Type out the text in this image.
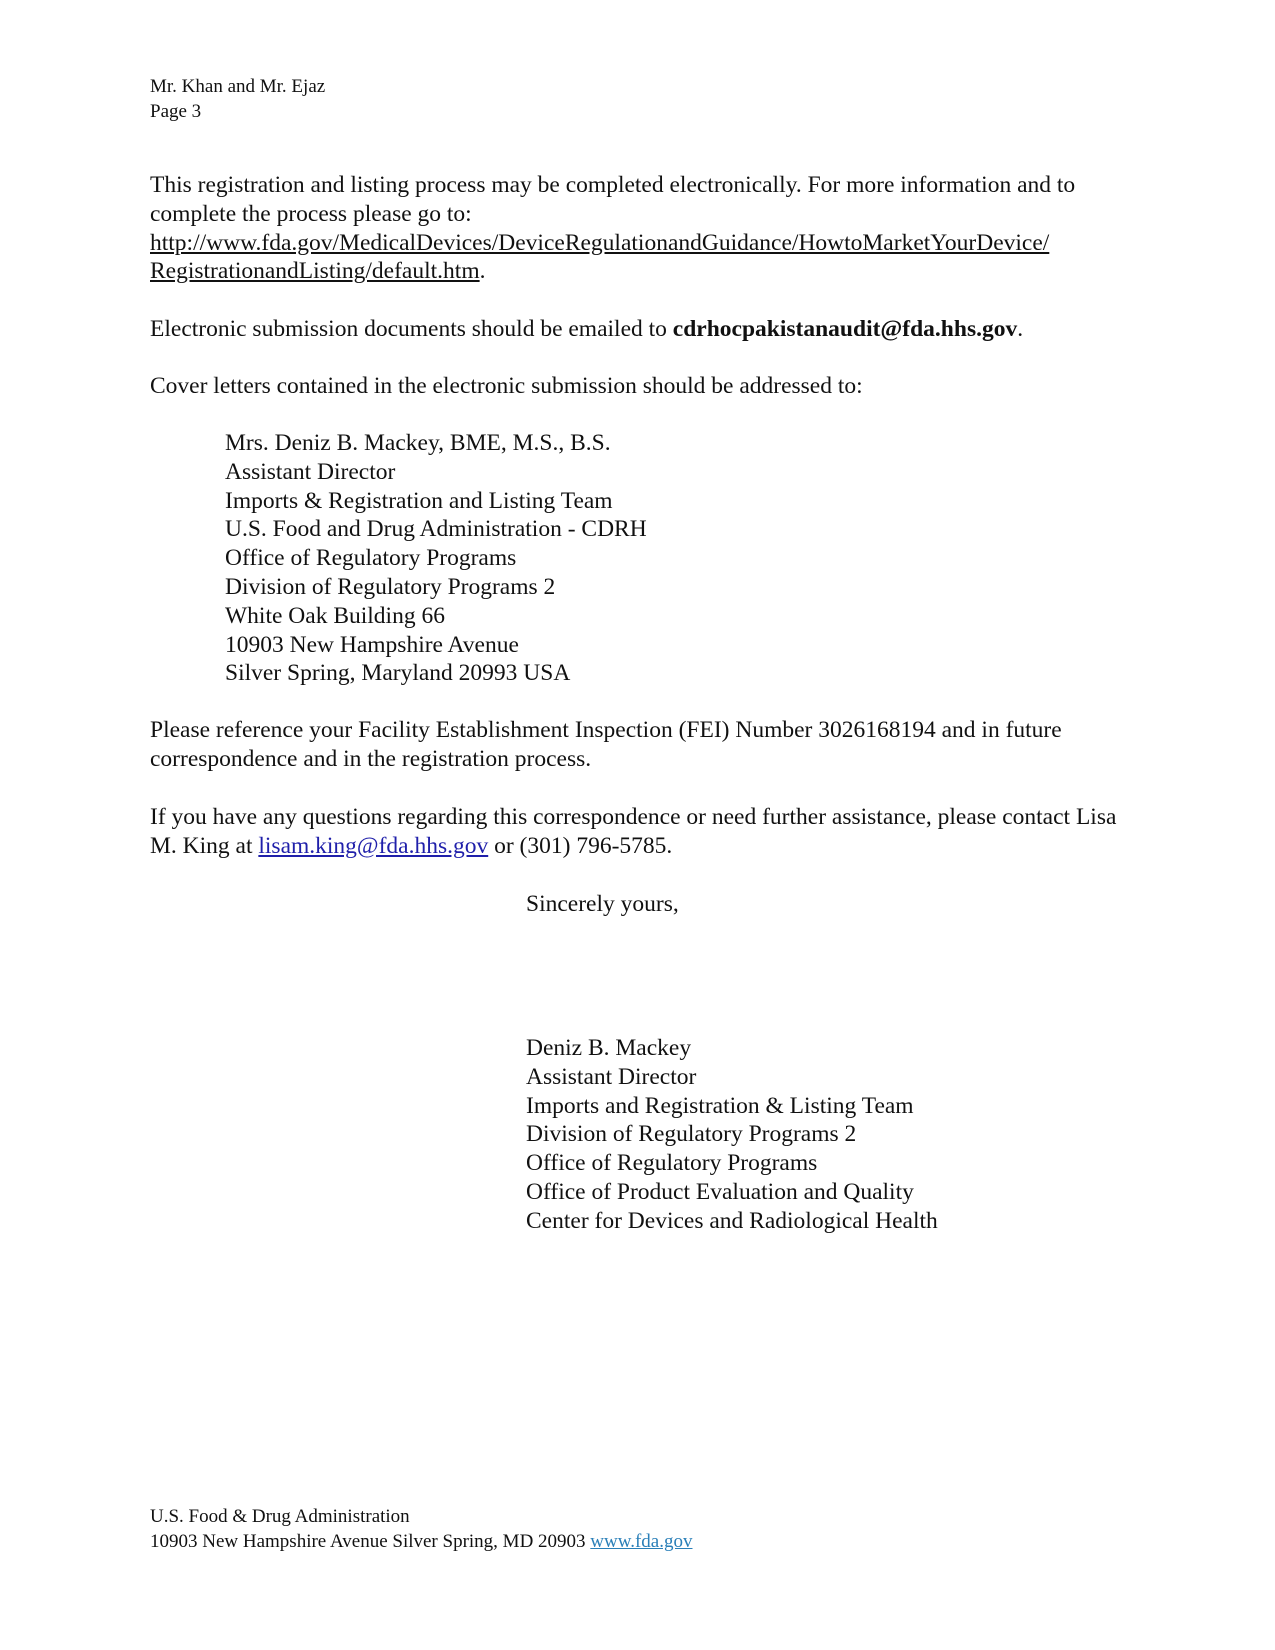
Mr. Khan and Mr. Ejaz
Page 3

This registration and listing process may be completed electronically. For more information and to complete the process please go to:
http://www.fda.gov/MedicalDevices/DeviceRegulationandGuidance/HowtoMarketYourDevice/
RegistrationandListing/default.htm.

Electronic submission documents should be emailed to cdrhocpakistanaudit@fda.hhs.gov.

Cover letters contained in the electronic submission should be addressed to:

Mrs. Deniz B. Mackey, BME, M.S., B.S.
Assistant Director
Imports & Registration and Listing Team
U.S. Food and Drug Administration - CDRH
Office of Regulatory Programs
Division of Regulatory Programs 2
White Oak Building 66
10903 New Hampshire Avenue
Silver Spring, Maryland 20993 USA

Please reference your Facility Establishment Inspection (FEI) Number 3026168194 and in future correspondence and in the registration process.

If you have any questions regarding this correspondence or need further assistance, please contact Lisa M. King at lisam.king@fda.hhs.gov or (301) 796-5785.

Sincerely yours,
Deniz B. Mackey
Assistant Director
Imports and Registration & Listing Team
Division of Regulatory Programs 2
Office of Regulatory Programs
Office of Product Evaluation and Quality
Center for Devices and Radiological Health
U.S. Food & Drug Administration
10903 New Hampshire Avenue Silver Spring, MD 20903 www.fda.gov
